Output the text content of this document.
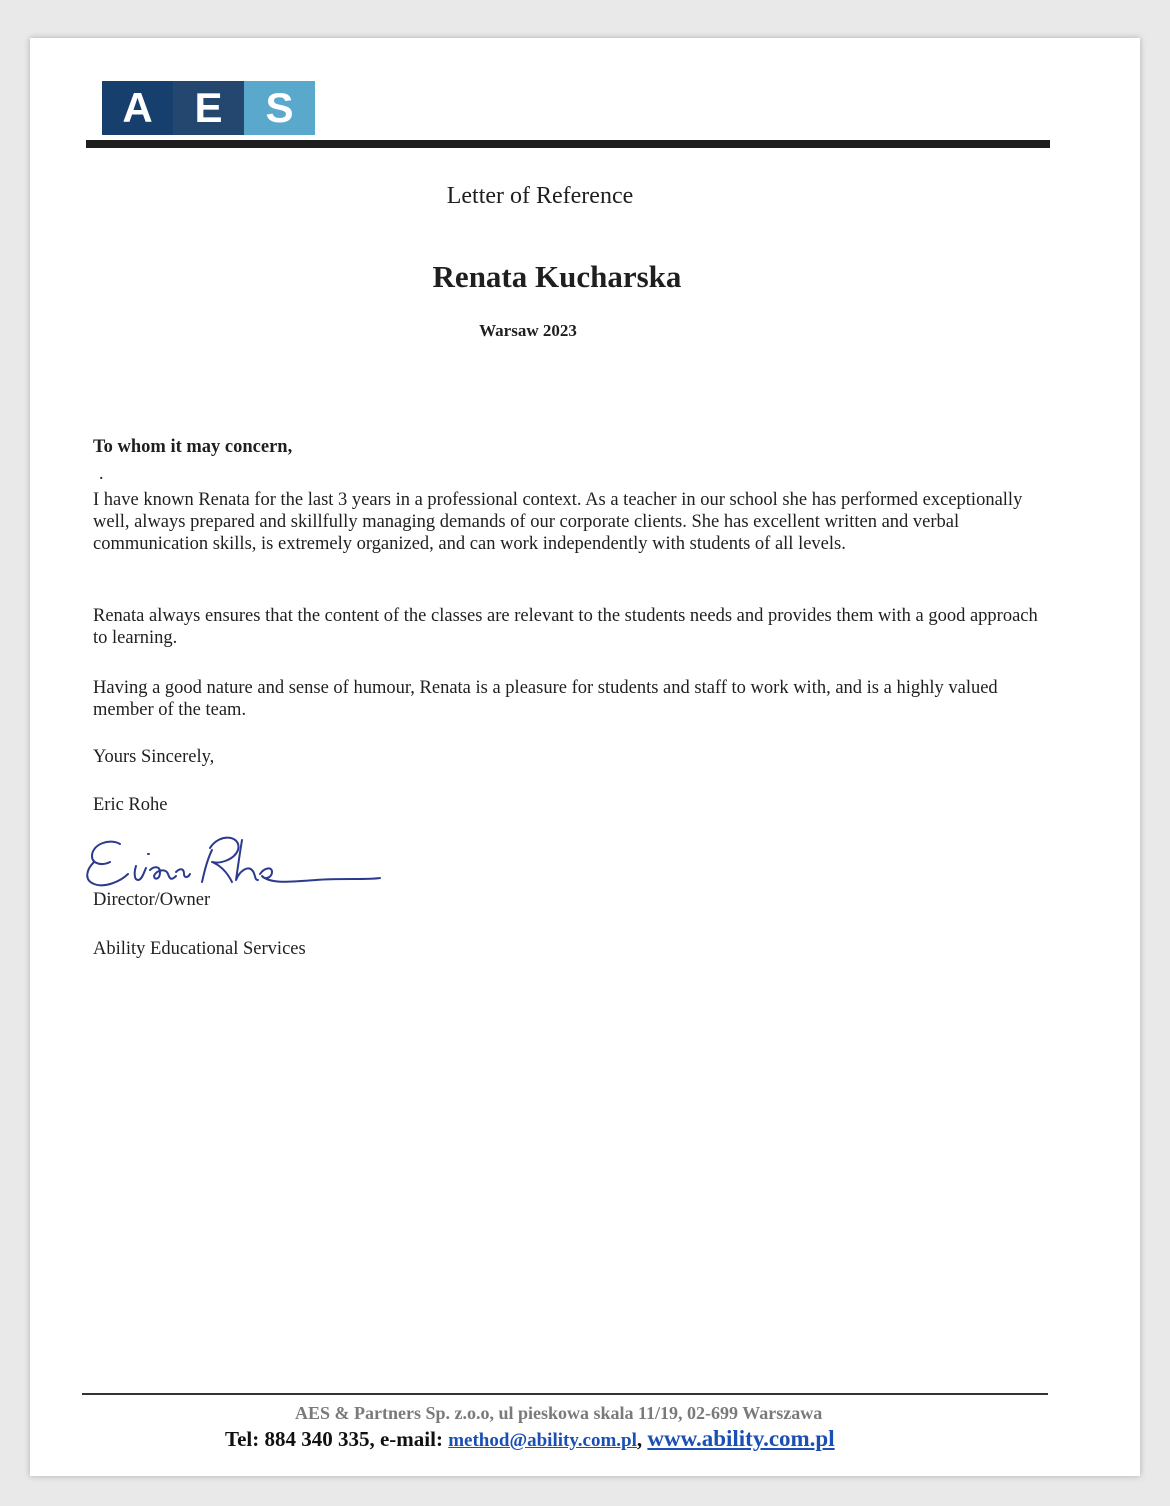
A E	S
Letter of Reference
Renata Kucharska
Warsaw 2023
To whom it may concern,
.
I have known Renata for the last 3 years in a professional context. As a teacher in our school she has performed exceptionally well, always prepared and skillfully managing demands of our corporate clients. She has excellent written and verbal communication skills, is extremely organized, and can work independently with students of all levels.
Renata always ensures that the content of the classes are relevant to the students needs and provides them with a good approach to learning.
Having a good nature and sense of humour, Renata is a pleasure for students and staff to work with, and is a highly valued member of the team.
Yours Sincerely,
Eric Rohe
Director/Owner
Ability Educational Services
AES & Partners Sp. z.o.o, ul pieskowa skala 11/19, 02-699 Warszawa
Tel: 884 340 335, e-mail: method@ability.com.pl, www.ability.com.pl
